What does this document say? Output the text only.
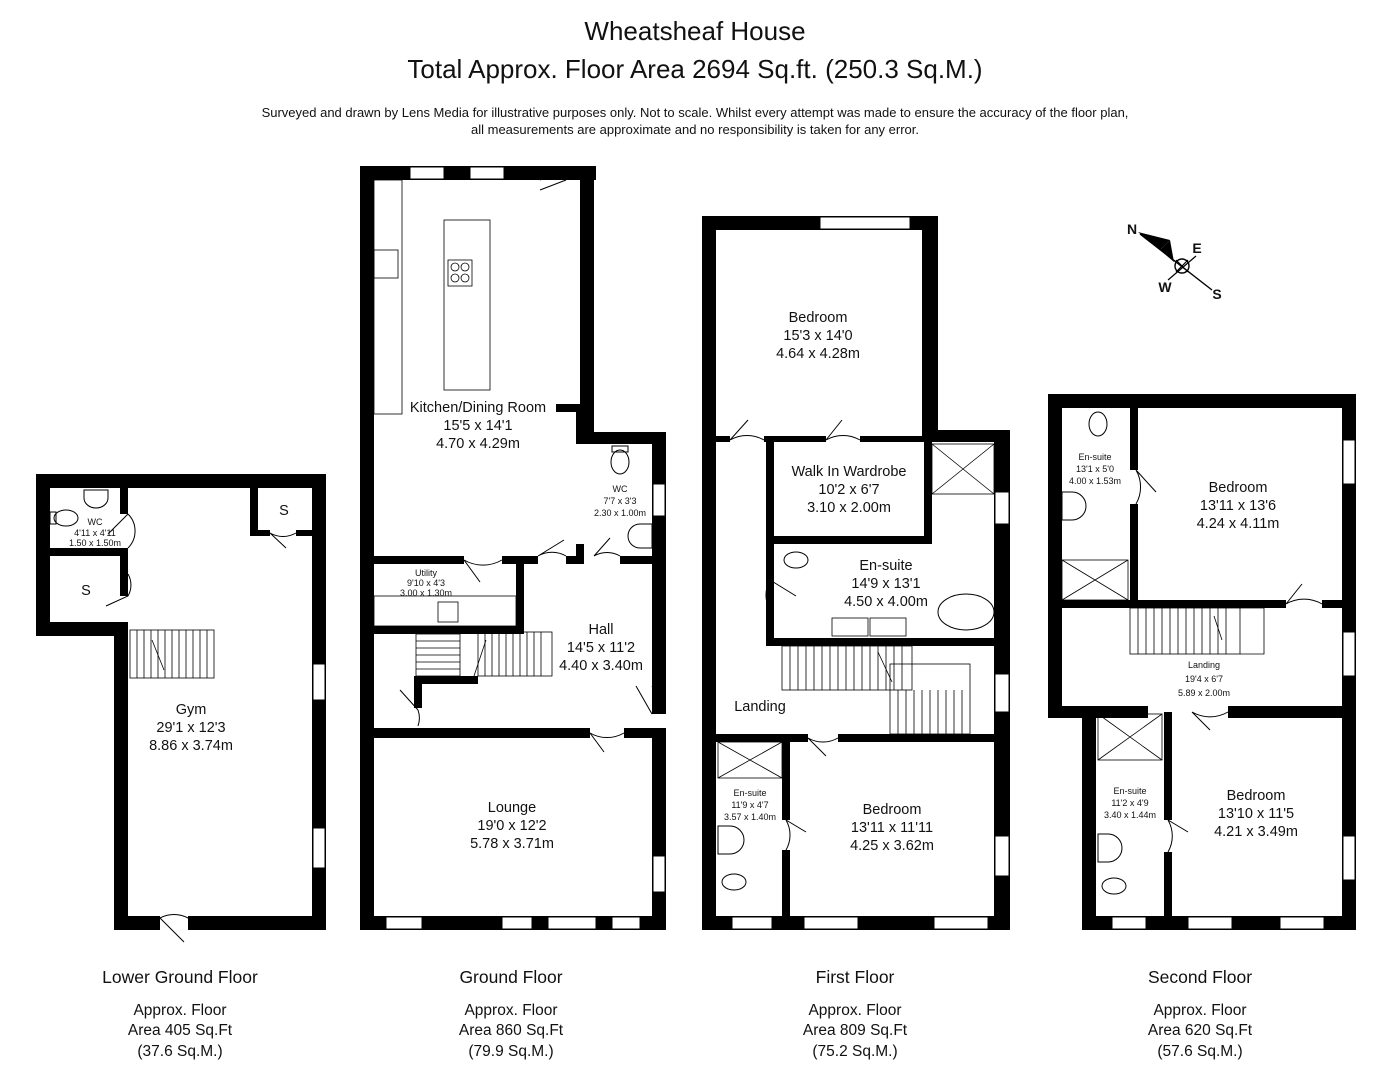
Wheatsheaf House
Total Approx. Floor Area 2694 Sq.ft. (250.3 Sq.M.)
Surveyed and drawn by Lens Media for illustrative purposes only. Not to scale. Whilst every attempt was made to ensure the accuracy of the floor plan,
all measurements are approximate and no responsibility is taken for any error.
Gym
29'1 x 12'3
8.86 x 3.74m
WC
4'11 x 4'11
1.50 x 1.50m
S
S
Kitchen/Dining Room
15'5 x 14'1
4.70 x 4.29m
WC
7'7 x 3'3
2.30 x 1.00m
Utility
9'10 x 4'3
3.00 x 1.30m
Hall
14'5 x 11'2
4.40 x 3.40m
Lounge
19'0 x 12'2
5.78 x 3.71m
Bedroom
15'3 x 14'0
4.64 x 4.28m
Walk In Wardrobe
10'2 x 6'7
3.10 x 2.00m
En-suite
14'9 x 13'1
4.50 x 4.00m
Landing
En-suite
11'9 x 4'7
3.57 x 1.40m	Bedroom
13'11 x 11'11
4.25 x 3.62m
N
E
W	S
En-suite
13'1 x 5'0
4.00 x 1.53m	Bedroom
13'11 x 13'6
4.24 x 4.11m
Landing
19'4 x 6'7
5.89 x 2.00m
En-suite
11'2 x 4'9
3.40 x 1.44m
Bedroom
13'10 x 11'5
4.21 x 3.49m
Lower Ground Floor
Approx. Floor
Area 405 Sq.Ft
(37.6 Sq.M.)
Ground Floor
Approx. Floor
Area 860 Sq.Ft
(79.9 Sq.M.)
First Floor
Approx. Floor
Area 809 Sq.Ft
(75.2 Sq.M.)
Second Floor
Approx. Floor
Area 620 Sq.Ft
(57.6 Sq.M.)
